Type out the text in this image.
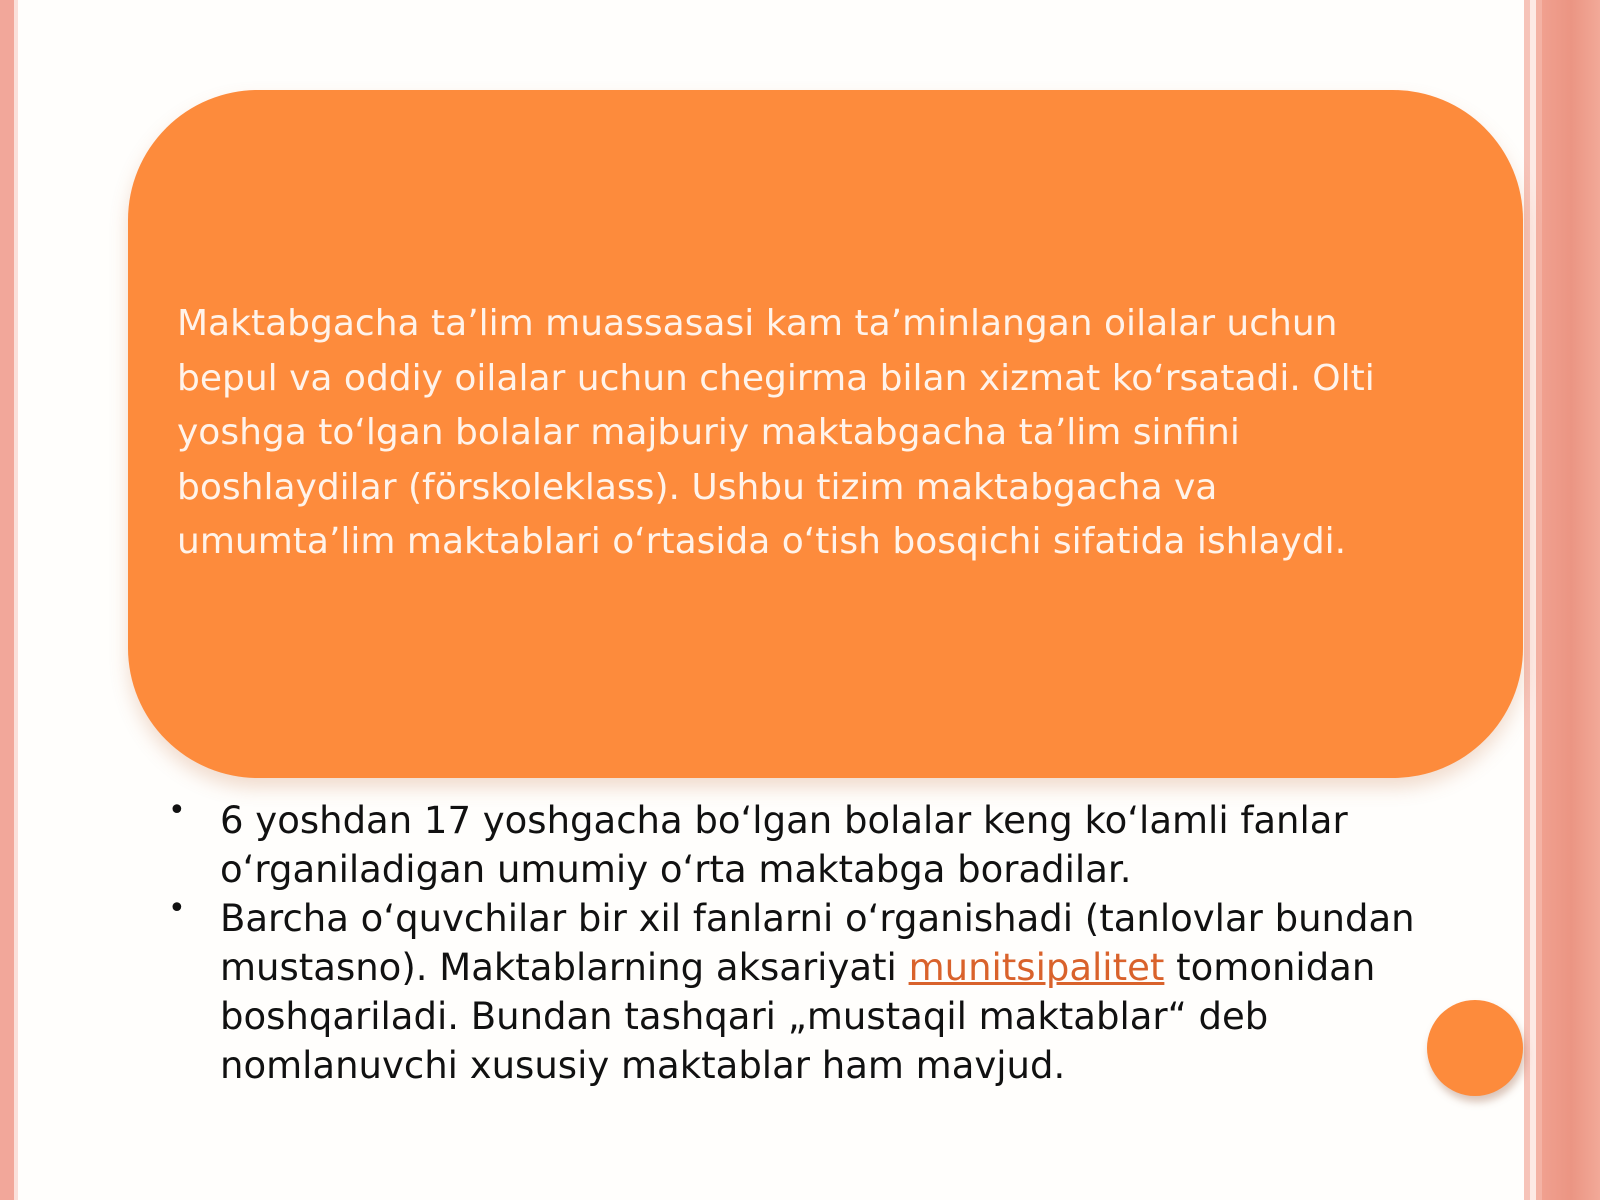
Maktabgacha ta’lim muassasasi kam ta’minlangan oilalar uchun bepul va oddiy oilalar uchun chegirma bilan xizmat ko‘rsatadi. Olti yoshga to‘lgan bolalar majburiy maktabgacha ta’lim sinfini boshlaydilar (förskoleklass). Ushbu tizim maktabgacha va umumta’lim maktablari o‘rtasida o‘tish bosqichi sifatida ishlaydi.

• 6 yoshdan 17 yoshgacha bo‘lgan bolalar keng ko‘lamli fanlar o‘rganiladigan umumiy o‘rta maktabga boradilar.
• Barcha o‘quvchilar bir xil fanlarni o‘rganishadi (tanlovlar bundan mustasno). Maktablarning aksariyati munitsipalitet tomonidan boshqariladi. Bundan tashqari „mustaqil maktablar“ deb nomlanuvchi xususiy maktablar ham mavjud.
